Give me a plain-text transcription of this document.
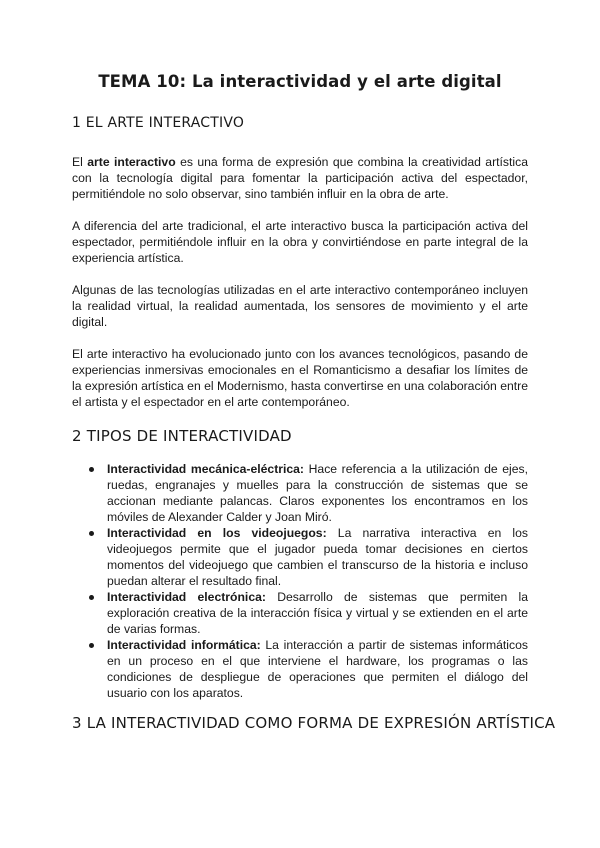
TEMA 10: La interactividad y el arte digital
1 EL ARTE INTERACTIVO

El arte interactivo es una forma de expresión que combina la creatividad artística con la tecnología digital para fomentar la participación activa del espectador, permitiéndole no solo observar, sino también influir en la obra de arte.

A diferencia del arte tradicional, el arte interactivo busca la participación activa del espectador, permitiéndole influir en la obra y convirtiéndose en parte integral de la experiencia artística.

Algunas de las tecnologías utilizadas en el arte interactivo contemporáneo incluyen la realidad virtual, la realidad aumentada, los sensores de movimiento y el arte digital.

El arte interactivo ha evolucionado junto con los avances tecnológicos, pasando de experiencias inmersivas emocionales en el Romanticismo a desafiar los límites de la expresión artística en el Modernismo, hasta convertirse en una colaboración entre el artista y el espectador en el arte contemporáneo.

2 TIPOS DE INTERACTIVIDAD
Interactividad mecánica-eléctrica: Hace referencia a la utilización de ejes, ruedas, engranajes y muelles para la construcción de sistemas que se accionan mediante palancas. Claros exponentes los encontramos en los móviles de Alexander Calder y Joan Miró.
Interactividad en los videojuegos: La narrativa interactiva en los videojuegos permite que el jugador pueda tomar decisiones en ciertos momentos del videojuego que cambien el transcurso de la historia e incluso puedan alterar el resultado final.
Interactividad electrónica: Desarrollo de sistemas que permiten la exploración creativa de la interacción física y virtual y se extienden en el arte de varias formas.
Interactividad informática: La interacción a partir de sistemas informáticos en un proceso en el que interviene el hardware, los programas o las condiciones de despliegue de operaciones que permiten el diálogo del usuario con los aparatos.
3 LA INTERACTIVIDAD COMO FORMA DE EXPRESIÓN ARTÍSTICA
